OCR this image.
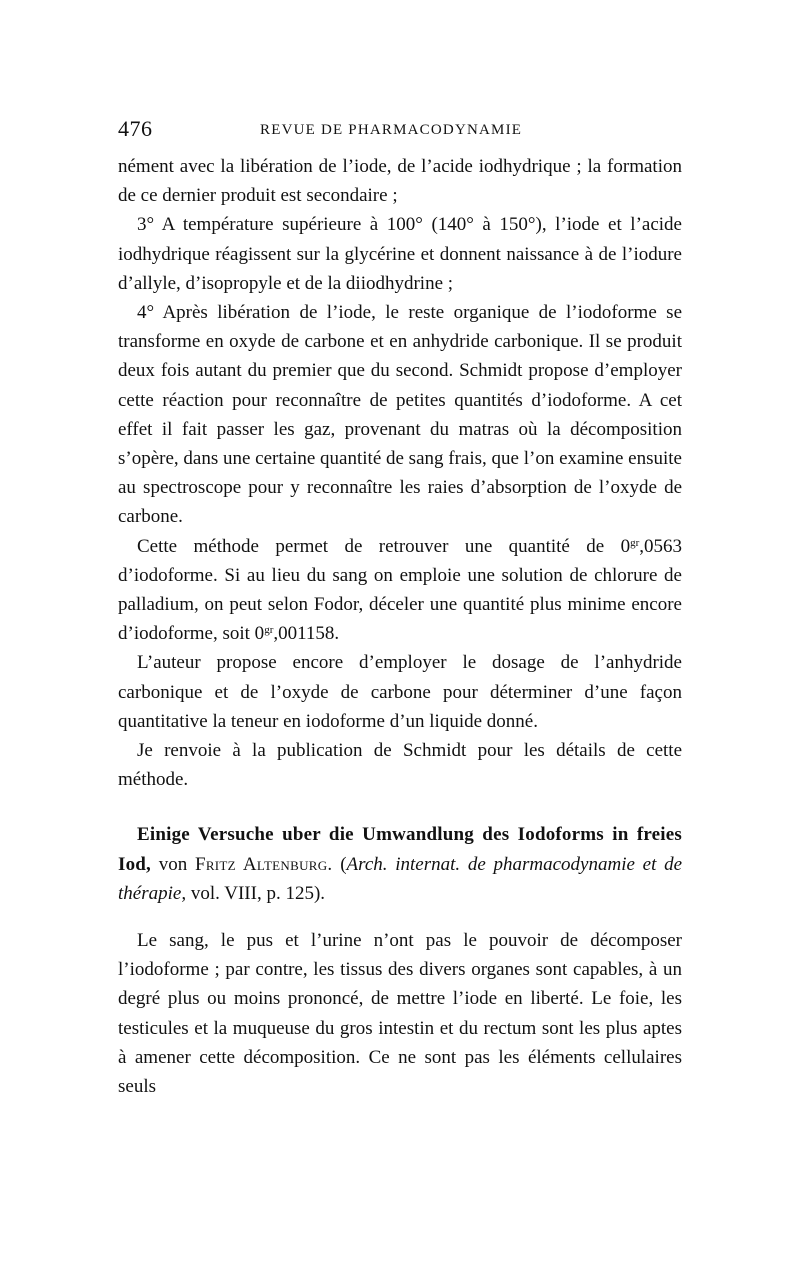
476	REVUE DE PHARMACODYNAMIE

nément avec la libération de l’iode, de l’acide iodhydrique ; la formation de ce dernier produit est secondaire ;

3° A température supérieure à 100° (140° à 150°), l’iode et l’acide iodhydrique réagissent sur la glycérine et donnent naissance à de l’iodure d’allyle, d’isopropyle et de la diiodhydrine ;

4° Après libération de l’iode, le reste organique de l’iodoforme se transforme en oxyde de carbone et en anhydride carbonique. Il se produit deux fois autant du premier que du second. Schmidt propose d’employer cette réaction pour reconnaître de petites quantités d’iodoforme. A cet effet il fait passer les gaz, provenant du matras où la décomposition s’opère, dans une certaine quantité de sang frais, que l’on examine ensuite au spectroscope pour y reconnaître les raies d’absorption de l’oxyde de carbone.

Cette méthode permet de retrouver une quantité de $0^{gr},0563$ d’iodoforme. Si au lieu du sang on emploie une solution de chlorure de palladium, on peut selon Fodor, déceler une quantité plus minime encore d’iodoforme, soit $0^{gr},001158$.

L’auteur propose encore d’employer le dosage de l’anhydride carbonique et de l’oxyde de carbone pour déterminer d’une façon quantitative la teneur en iodoforme d’un liquide donné.

Je renvoie à la publication de Schmidt pour les détails de cette méthode.

Einige Versuche uber die Umwandlung des Iodoforms in freies Iod, von Fritz Altenburg. (Arch. internat. de pharmacodynamie et de thérapie, vol. VIII, p. 125).

Le sang, le pus et l’urine n’ont pas le pouvoir de décomposer l’iodoforme ; par contre, les tissus des divers organes sont capables, à un degré plus ou moins prononcé, de mettre l’iode en liberté. Le foie, les testicules et la muqueuse du gros intestin et du rectum sont les plus aptes à amener cette décomposition. Ce ne sont pas les éléments cellulaires seuls
